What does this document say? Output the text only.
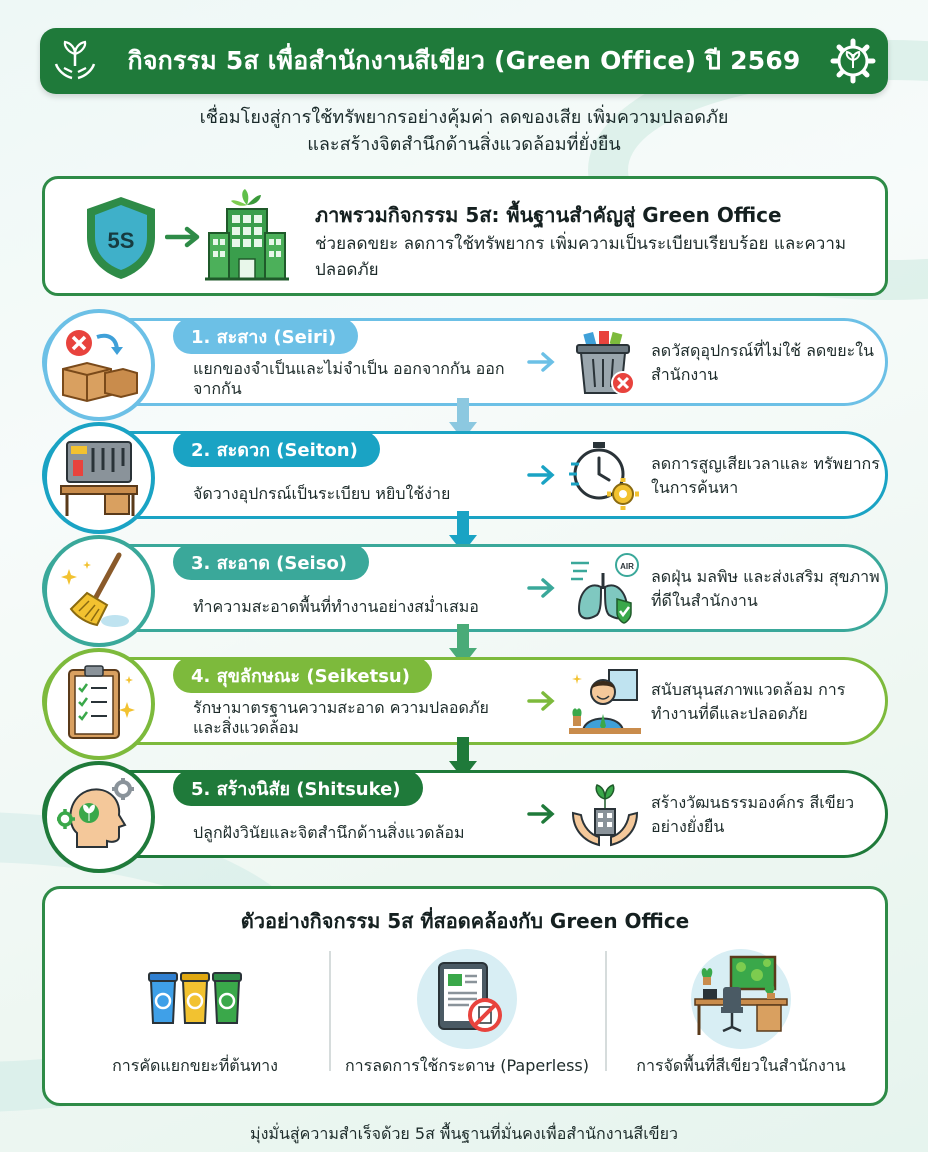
กิจกรรม 5ส เพื่อสำนักงานสีเขียว (Green Office) ปี 2569
เชื่อมโยงสู่การใช้ทรัพยากรอย่างคุ้มค่า ลดของเสีย เพิ่มความปลอดภัย
และสร้างจิตสำนึกด้านสิ่งแวดล้อมที่ยั่งยืน
5S
ภาพรวมกิจกรรม 5ส: พื้นฐานสำคัญสู่ Green Office
ช่วยลดขยะ ลดการใช้ทรัพยากร เพิ่มความเป็นระเบียบเรียบร้อย และความปลอดภัย
1. สะสาง (Seiri)
แยกของจำเป็นและไม่จำเป็น ออกจากกัน ออกจากกัน
ลดวัสดุอุปกรณ์ที่ไม่ใช้ ลดขยะในสำนักงาน
2. สะดวก (Seiton)
จัดวางอุปกรณ์เป็นระเบียบ หยิบใช้ง่าย
ลดการสูญเสียเวลาและ ทรัพยากรในการค้นหา
3. สะอาด (Seiso)
ทำความสะอาดพื้นที่ทำงานอย่างสม่ำเสมอ
AIR
ลดฝุ่น มลพิษ และส่งเสริม สุขภาพที่ดีในสำนักงาน
4. สุขลักษณะ (Seiketsu)
รักษามาตรฐานความสะอาด ความปลอดภัย และสิ่งแวดล้อม
สนับสนุนสภาพแวดล้อม การทำงานที่ดีและปลอดภัย
5. สร้างนิสัย (Shitsuke)
ปลูกฝังวินัยและจิตสำนึกด้านสิ่งแวดล้อม
สร้างวัฒนธรรมองค์กร สีเขียวอย่างยั่งยืน
ตัวอย่างกิจกรรม 5ส ที่สอดคล้องกับ Green Office
การคัดแยกขยะที่ต้นทาง	การลดการใช้กระดาษ (Paperless)	การจัดพื้นที่สีเขียวในสำนักงาน
มุ่งมั่นสู่ความสำเร็จด้วย 5ส พื้นฐานที่มั่นคงเพื่อสำนักงานสีเขียว
